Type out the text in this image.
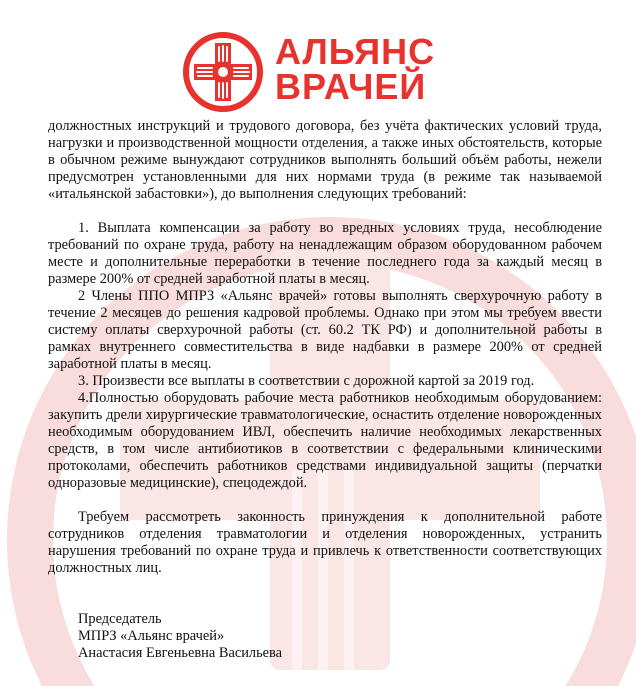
АЛЬЯНС
ВРАЧЕЙ

должностных инструкций и трудового договора, без учёта фактических условий труда, нагрузки и производственной мощности отделения, а также иных обстоятельств, которые в обычном режиме вынуждают сотрудников выполнять больший объём работы, нежели предусмотрен установленными для них нормами труда (в режиме так называемой «итальянской забастовки»), до выполнения следующих требований:

1. Выплата компенсации за работу во вредных условиях труда, несоблюдение требований по охране труда, работу на ненадлежащим образом оборудованном рабочем месте и дополнительные переработки в течение последнего года за каждый месяц в размере 200% от средней заработной платы в месяц.

2 Члены ППО МПРЗ «Альянс врачей» готовы выполнять сверхурочную работу в течение 2 месяцев до решения кадровой проблемы. Однако при этом мы требуем ввести систему оплаты сверхурочной работы (ст. 60.2 ТК РФ) и дополнительной работы в рамках внутреннего совместительства в виде надбавки в размере 200% от средней заработной платы в месяц.

3. Произвести все выплаты в соответствии с дорожной картой за 2019 год.

4.Полностью оборудовать рабочие места работников необходимым оборудованием: закупить дрели хирургические травматологические, оснастить отделение новорожденных необходимым оборудованием ИВЛ, обеспечить наличие необходимых лекарственных средств, в том числе антибиотиков в соответствии с федеральными клиническими протоколами, обеспечить работников средствами индивидуальной защиты (перчатки одноразовые медицинские), спецодеждой.

Требуем рассмотреть законность принуждения к дополнительной работе сотрудников отделения травматологии и отделения новорожденных, устранить нарушения требований по охране труда и привлечь к ответственности соответствующих должностных лиц.

Председатель
МПРЗ «Альянс врачей»
Анастасия Евгеньевна Васильева
